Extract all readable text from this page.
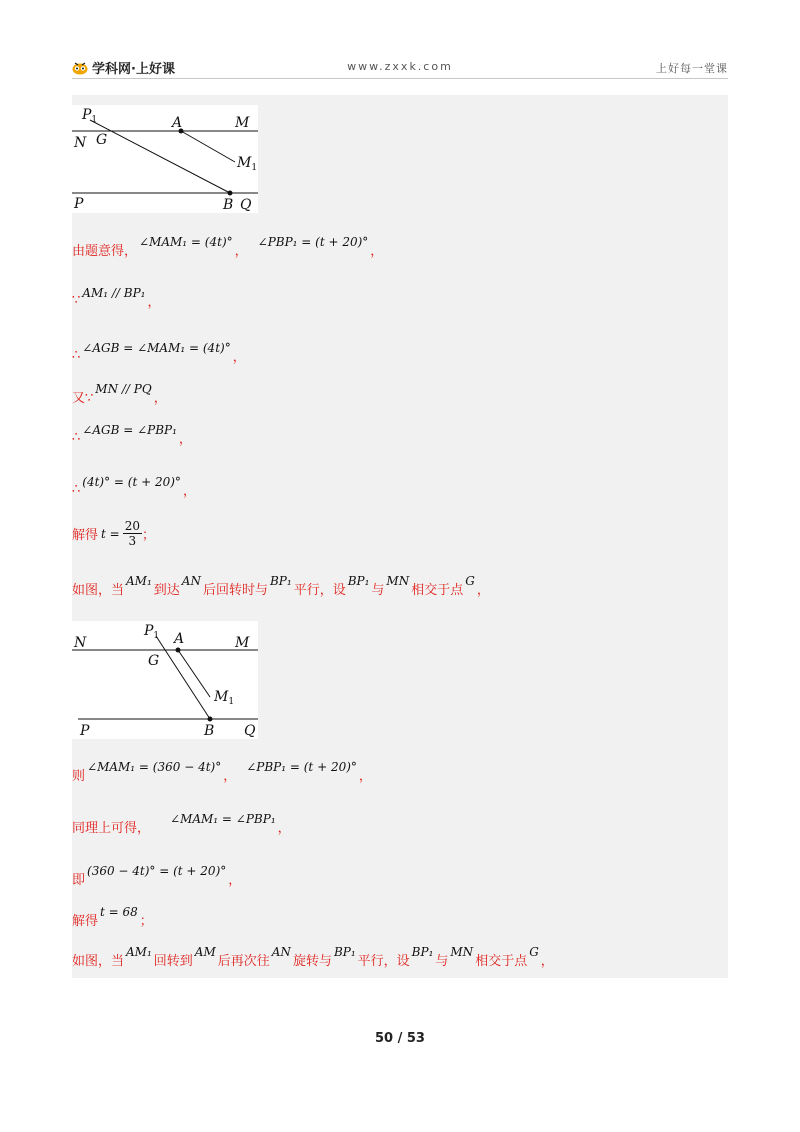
学科网·上好课	www.zxxk.com	上好每一堂课
$P_1$	A	M
N G
$M_1$
P	B Q
由题意得，
∠MAM₁ = (4t)°
，
∠PBP₁ = (t + 20)°
，
∵
AM₁ // BP₁
，
∴
∠AGB = ∠MAM₁ = (4t)°
，
又∵
MN // PQ
，
∴
∠AGB = ∠PBP₁
，
∴
(4t)° = (t + 20)°
，
解得 $t = \frac{20}{3}$ ；
如图，当
AM₁
到达
AN
后回转时与
BP₁
平行，设
BP₁
与
MN
相交于点
G
，
N
$P_1$ A	M
G
$M_1$
P	B Q
则
∠MAM₁ = (360 − 4t)°
，
∠PBP₁ = (t + 20)°
，
同理上可得，
∠MAM₁ = ∠PBP₁
，
即
(360 − 4t)° = (t + 20)°
，
解得
t = 68
；
如图，当
AM₁
回转到
AM
后再次往
AN
旋转与
BP₁
平行，设
BP₁
与
MN
相交于点
G
，
50 / 53
